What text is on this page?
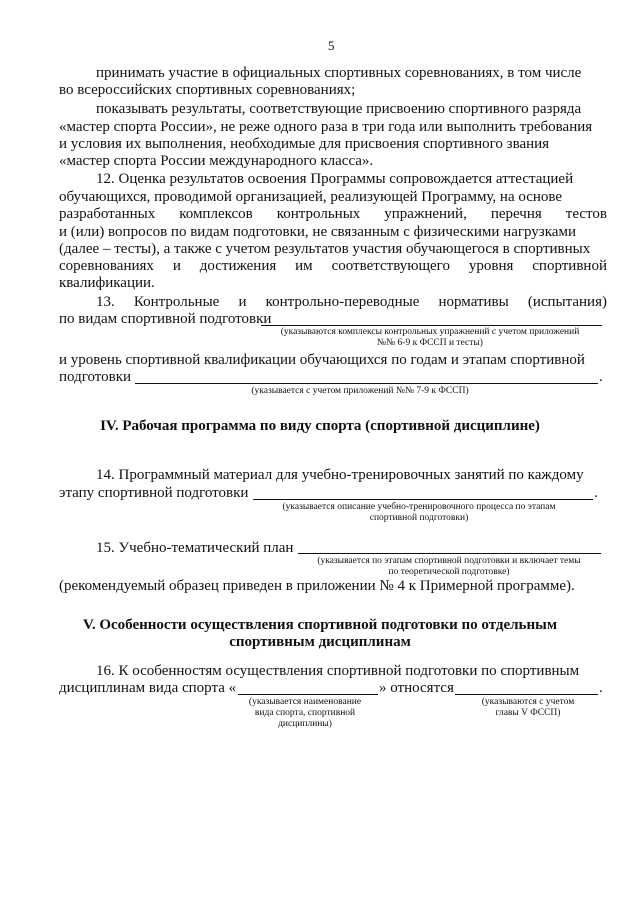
5
принимать участие в официальных спортивных соревнованиях, в том числе
во всероссийских спортивных соревнованиях;
показывать результаты, соответствующие присвоению спортивного разряда
«мастер спорта России», не реже одного раза в три года или выполнить требования
и условия их выполнения, необходимые для присвоения спортивного звания
«мастер спорта России международного класса».
12. Оценка результатов освоения Программы сопровождается аттестацией
обучающихся, проводимой организацией, реализующей Программу, на основе
разработанных комплексов контрольных упражнений, перечня тестов
и (или) вопросов по видам подготовки, не связанным с физическими нагрузками
(далее – тесты), а также с учетом результатов участия обучающегося в спортивных
соревнованиях и достижения им соответствующего уровня спортивной
квалификации.
13. Контрольные и контрольно-переводные нормативы (испытания)
по видам спортивной подготовки
(указываются комплексы контрольных упражнений с учетом приложений
№№ 6-9 к ФССП и тесты)
и уровень спортивной квалификации обучающихся по годам и этапам спортивной
подготовки	.
(указывается с учетом приложений №№ 7-9 к ФССП)
IV. Рабочая программа по виду спорта (спортивной дисциплине)
14. Программный материал для учебно-тренировочных занятий по каждому
этапу спортивной подготовки	.
(указывается описание учебно-тренировочного процесса по этапам
спортивной подготовки)
15. Учебно-тематический план
(указывается по этапам спортивной подготовки и включает темы
по теоретической подготовке)
(рекомендуемый образец приведен в приложении № 4 к Примерной программе).
V. Особенности осуществления спортивной подготовки по отдельным
спортивным дисциплинам
16. К особенностям осуществления спортивной подготовки по спортивным
дисциплинам вида спорта «	» относятся	.
(указывается наименование
вида спорта, спортивной
дисциплины)
(указываются с учетом
главы V ФССП)
